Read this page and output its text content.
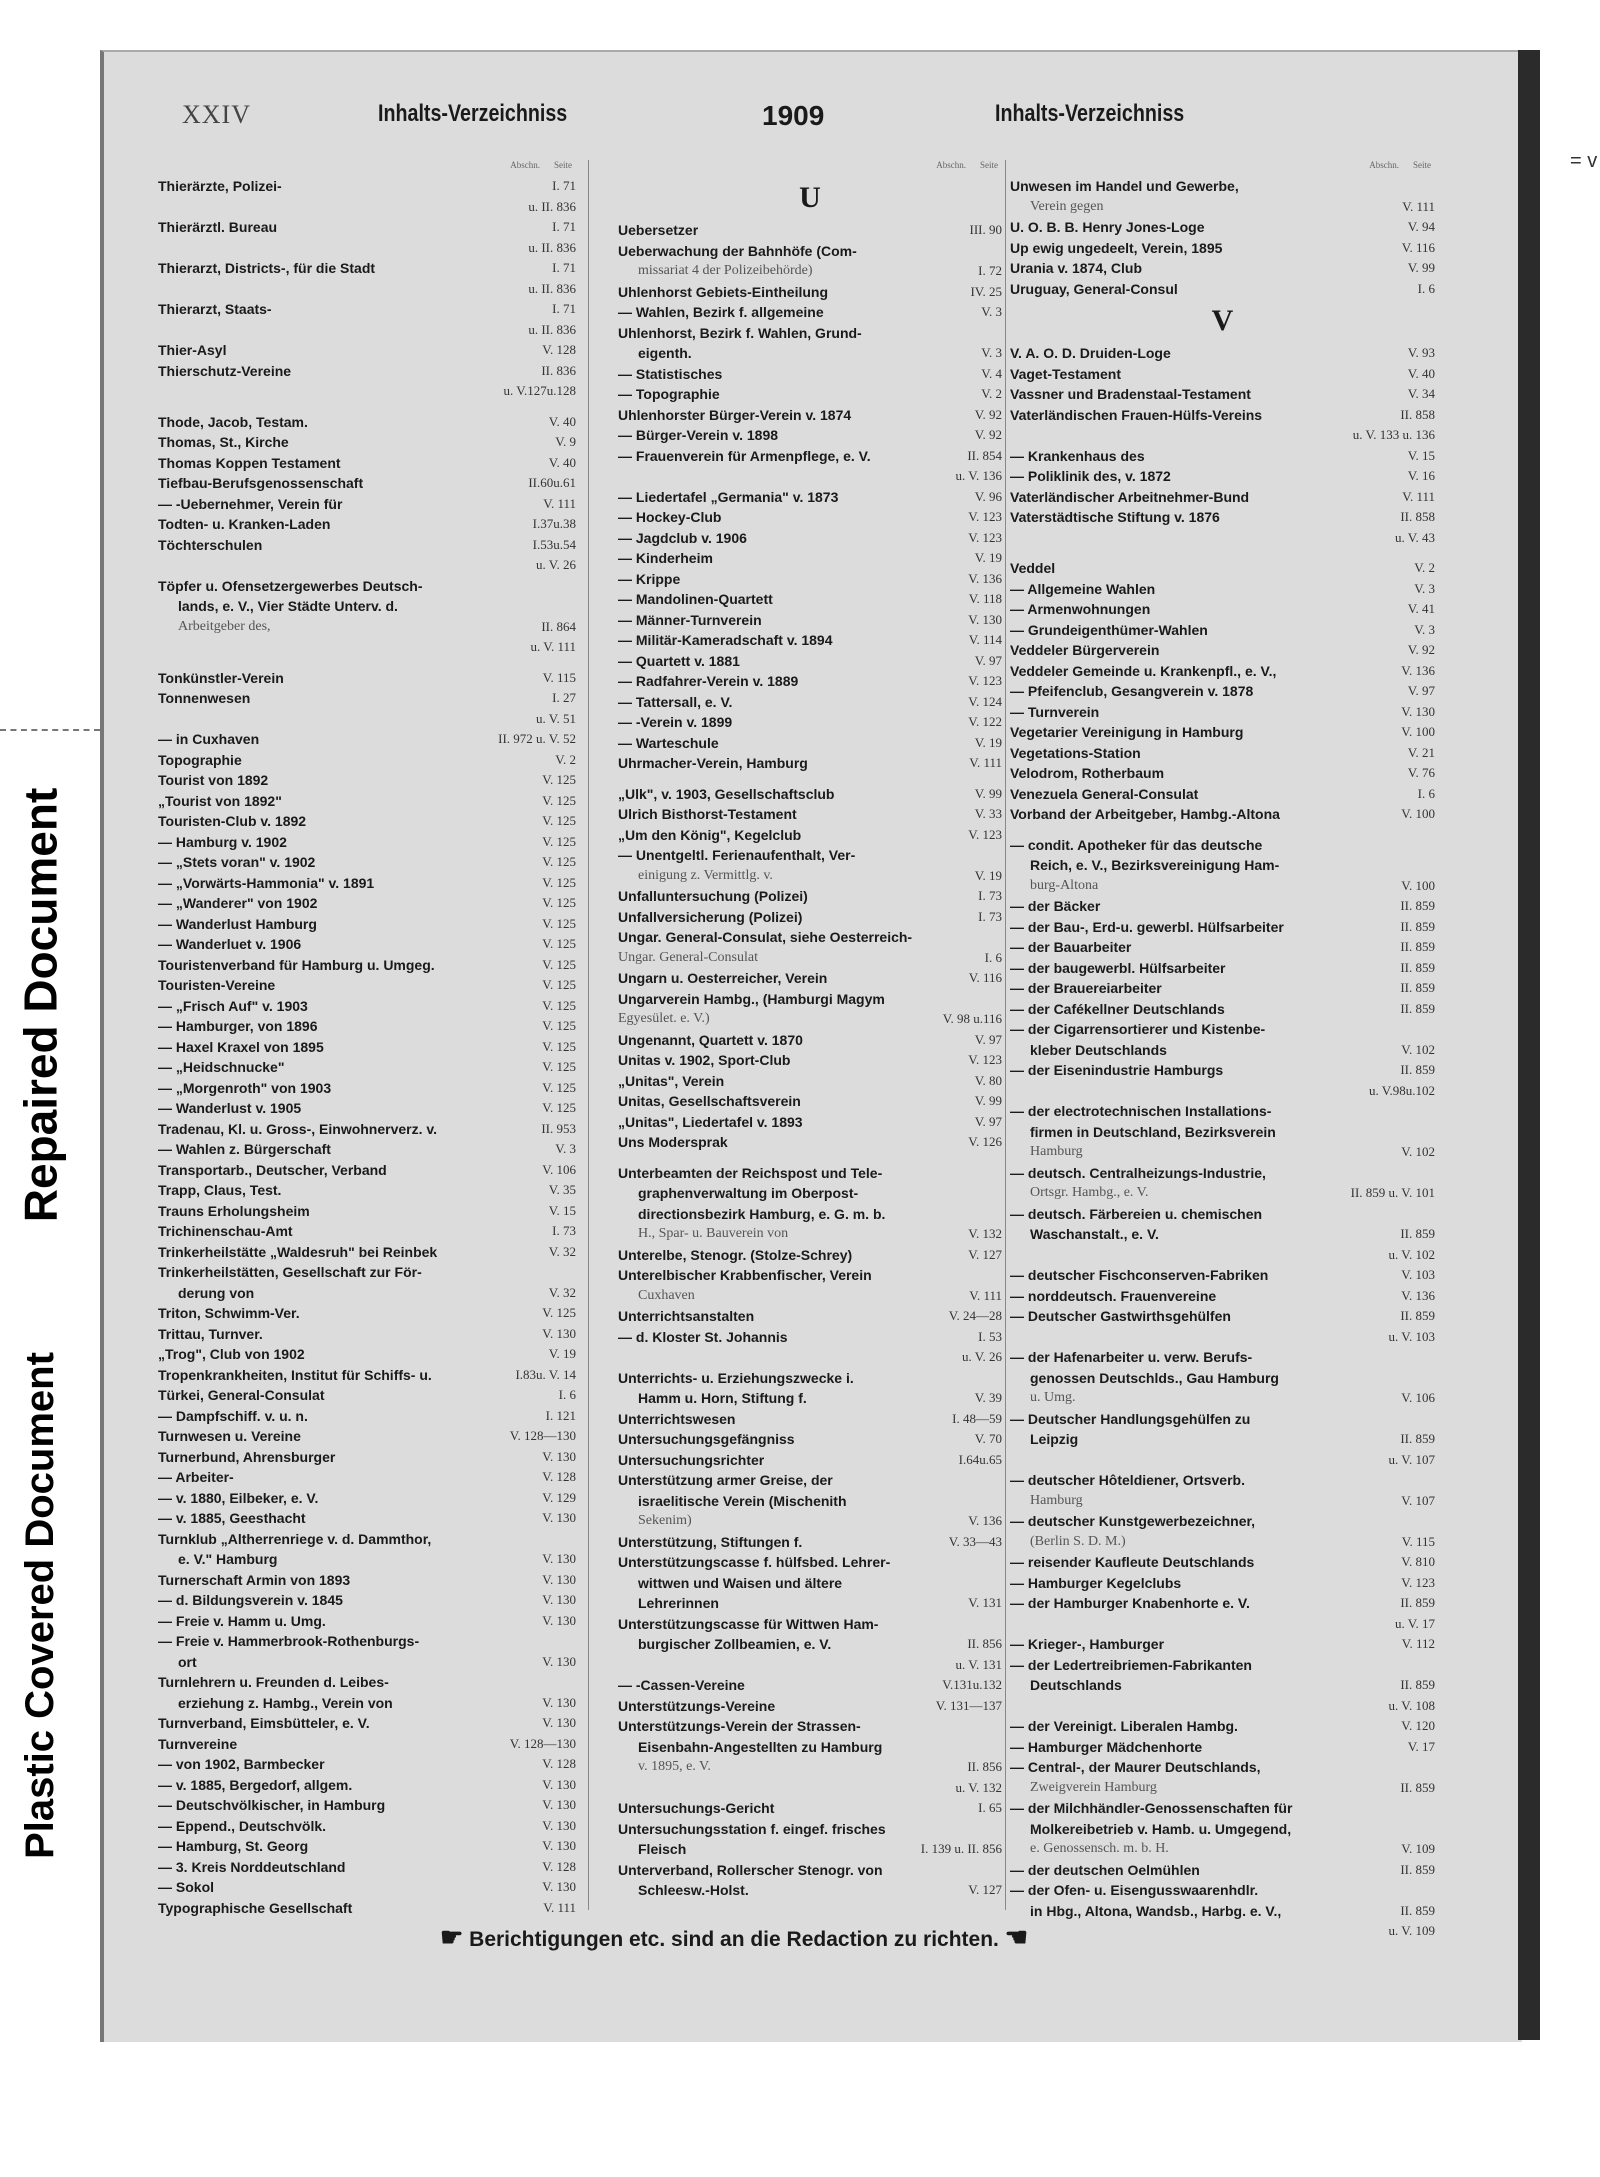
Repaired Document
Plastic Covered Document
= v
XXIV	Inhalts-Verzeichniss	1909	Inhalts-Verzeichniss
Abschn. Seite
Thierärzte, Polizei-	I. 71
u. II. 836
Thierärztl. Bureau	I. 71
u. II. 836
Thierarzt, Districts-, für die Stadt	I. 71
u. II. 836
Thierarzt, Staats-	I. 71
u. II. 836
Thier-Asyl	V. 128
Thierschutz-Vereine	II. 836
u. V.127u.128
Thode, Jacob, Testam.	V. 40
Thomas, St., Kirche	V. 9
Thomas Koppen Testament	V. 40
Tiefbau-Berufsgenossenschaft	II.60u.61
— -Uebernehmer, Verein für	V. 111
Todten- u. Kranken-Laden	I.37u.38
Töchterschulen	I.53u.54
u. V. 26
Töpfer u. Ofensetzergewerbes Deutsch-
lands, e. V., Vier Städte Unterv. d.
Arbeitgeber des,	II. 864
u. V. 111
Tonkünstler-Verein	V. 115
Tonnenwesen	I. 27
u. V. 51
— in Cuxhaven	II. 972 u. V. 52
Topographie	V. 2
Tourist von 1892	V. 125
„Tourist von 1892"	V. 125
Touristen-Club v. 1892	V. 125
— Hamburg v. 1902	V. 125
— „Stets voran" v. 1902	V. 125
— „Vorwärts-Hammonia" v. 1891	V. 125
— „Wanderer" von 1902	V. 125
— Wanderlust Hamburg	V. 125
— Wanderluet v. 1906	V. 125
Touristenverband für Hamburg u. Umgeg.	V. 125
Touristen-Vereine	V. 125
— „Frisch Auf" v. 1903	V. 125
— Hamburger, von 1896	V. 125
— Haxel Kraxel von 1895	V. 125
— „Heidschnucke"	V. 125
— „Morgenroth" von 1903	V. 125
— Wanderlust v. 1905	V. 125
Tradenau, Kl. u. Gross-, Einwohnerverz. v.	II. 953
— Wahlen z. Bürgerschaft	V. 3
Transportarb., Deutscher, Verband	V. 106
Trapp, Claus, Test.	V. 35
Trauns Erholungsheim	V. 15
Trichinenschau-Amt	I. 73
Trinkerheilstätte „Waldesruh" bei Reinbek	V. 32
Trinkerheilstätten, Gesellschaft zur För-
derung von	V. 32
Triton, Schwimm-Ver.	V. 125
Trittau, Turnver.	V. 130
„Trog", Club von 1902	V. 19
Tropenkrankheiten, Institut für Schiffs- u.	I.83u. V. 14
Türkei, General-Consulat	I. 6
— Dampfschiff. v. u. n.	I. 121
Turnwesen u. Vereine	V. 128—130
Turnerbund, Ahrensburger	V. 130
— Arbeiter-	V. 128
— v. 1880, Eilbeker, e. V.	V. 129
— v. 1885, Geesthacht	V. 130
Turnklub „Altherrenriege v. d. Dammthor,
e. V." Hamburg	V. 130
Turnerschaft Armin von 1893	V. 130
— d. Bildungsverein v. 1845	V. 130
— Freie v. Hamm u. Umg.	V. 130
— Freie v. Hammerbrook-Rothenburgs-
ort	V. 130
Turnlehrern u. Freunden d. Leibes-
erziehung z. Hambg., Verein von	V. 130
Turnverband, Eimsbütteler, e. V.	V. 130
Turnvereine	V. 128—130
— von 1902, Barmbecker	V. 128
— v. 1885, Bergedorf, allgem.	V. 130
— Deutschvölkischer, in Hamburg	V. 130
— Eppend., Deutschvölk.	V. 130
— Hamburg, St. Georg	V. 130
— 3. Kreis Norddeutschland	V. 128
— Sokol	V. 130
Typographische Gesellschaft	V. 111
Abschn. Seite
U
Uebersetzer	III. 90
Ueberwachung der Bahnhöfe (Com-
missariat 4 der Polizeibehörde)	I. 72
Uhlenhorst Gebiets-Eintheilung	IV. 25
— Wahlen, Bezirk f. allgemeine	V. 3
Uhlenhorst, Bezirk f. Wahlen, Grund-
eigenth.	V. 3
— Statistisches	V. 4
— Topographie	V. 2
Uhlenhorster Bürger-Verein v. 1874	V. 92
— Bürger-Verein v. 1898	V. 92
— Frauenverein für Armenpflege, e. V.	II. 854
u. V. 136
— Liedertafel „Germania" v. 1873	V. 96
— Hockey-Club	V. 123
— Jagdclub v. 1906	V. 123
— Kinderheim	V. 19
— Krippe	V. 136
— Mandolinen-Quartett	V. 118
— Männer-Turnverein	V. 130
— Militär-Kameradschaft v. 1894	V. 114
— Quartett v. 1881	V. 97
— Radfahrer-Verein v. 1889	V. 123
— Tattersall, e. V.	V. 124
— -Verein v. 1899	V. 122
— Warteschule	V. 19
Uhrmacher-Verein, Hamburg	V. 111
„Ulk", v. 1903, Gesellschaftsclub	V. 99
Ulrich Bisthorst-Testament	V. 33
„Um den König", Kegelclub	V. 123
— Unentgeltl. Ferienaufenthalt, Ver-
einigung z. Vermittlg. v.	V. 19
Unfalluntersuchung (Polizei)	I. 73
Unfallversicherung (Polizei)	I. 73
Ungar. General-Consulat, siehe Oesterreich-
Ungar. General-Consulat	I. 6
Ungarn u. Oesterreicher, Verein	V. 116
Ungarverein Hambg., (Hamburgi Magym
Egyesület. e. V.)	V. 98 u.116
Ungenannt, Quartett v. 1870	V. 97
Unitas v. 1902, Sport-Club	V. 123
„Unitas", Verein	V. 80
Unitas, Gesellschaftsverein	V. 99
„Unitas", Liedertafel v. 1893	V. 97
Uns Modersprak	V. 126
Unterbeamten der Reichspost und Tele-
graphenverwaltung im Oberpost-
directionsbezirk Hamburg, e. G. m. b.
H., Spar- u. Bauverein von	V. 132
Unterelbe, Stenogr. (Stolze-Schrey)	V. 127
Unterelbischer Krabbenfischer, Verein
Cuxhaven	V. 111
Unterrichtsanstalten	V. 24—28
— d. Kloster St. Johannis	I. 53
u. V. 26
Unterrichts- u. Erziehungszwecke i.
Hamm u. Horn, Stiftung f.	V. 39
Unterrichtswesen	I. 48—59
Untersuchungsgefängniss	V. 70
Untersuchungsrichter	I.64u.65
Unterstützung armer Greise, der
israelitische Verein (Mischenith
Sekenim)	V. 136
Unterstützung, Stiftungen f.	V. 33—43
Unterstützungscasse f. hülfsbed. Lehrer-
wittwen und Waisen und ältere
Lehrerinnen	V. 131
Unterstützungscasse für Wittwen Ham-
burgischer Zollbeamien, e. V.	II. 856
u. V. 131
— -Cassen-Vereine	V.131u.132
Unterstützungs-Vereine	V. 131—137
Unterstützungs-Verein der Strassen-
Eisenbahn-Angestellten zu Hamburg
v. 1895, e. V.	II. 856
u. V. 132
Untersuchungs-Gericht	I. 65
Untersuchungsstation f. eingef. frisches
Fleisch	I. 139 u. II. 856
Unterverband, Rollerscher Stenogr. von
Schleesw.-Holst.	V. 127
Abschn. Seite
Unwesen im Handel und Gewerbe,
Verein gegen	V. 111
U. O. B. B. Henry Jones-Loge	V. 94
Up ewig ungedeelt, Verein, 1895	V. 116
Urania v. 1874, Club	V. 99
Uruguay, General-Consul	I. 6
V
V. A. O. D. Druiden-Loge	V. 93
Vaget-Testament	V. 40
Vassner und Bradenstaal-Testament	V. 34
Vaterländischen Frauen-Hülfs-Vereins	II. 858
u. V. 133 u. 136
— Krankenhaus des	V. 15
— Poliklinik des, v. 1872	V. 16
Vaterländischer Arbeitnehmer-Bund	V. 111
Vaterstädtische Stiftung v. 1876	II. 858
u. V. 43
Veddel	V. 2
— Allgemeine Wahlen	V. 3
— Armenwohnungen	V. 41
— Grundeigenthümer-Wahlen	V. 3
Veddeler Bürgerverein	V. 92
Veddeler Gemeinde u. Krankenpfl., e. V.,	V. 136
— Pfeifenclub, Gesangverein v. 1878	V. 97
— Turnverein	V. 130
Vegetarier Vereinigung in Hamburg	V. 100
Vegetations-Station	V. 21
Velodrom, Rotherbaum	V. 76
Venezuela General-Consulat	I. 6
Vorband der Arbeitgeber, Hambg.-Altona	V. 100
— condit. Apotheker für das deutsche
Reich, e. V., Bezirksvereinigung Ham-
burg-Altona	V. 100
— der Bäcker	II. 859
— der Bau-, Erd-u. gewerbl. Hülfsarbeiter	II. 859
— der Bauarbeiter	II. 859
— der baugewerbl. Hülfsarbeiter	II. 859
— der Brauereiarbeiter	II. 859
— der Cafékellner Deutschlands	II. 859
— der Cigarrensortierer und Kistenbe-
kleber Deutschlands	V. 102
— der Eisenindustrie Hamburgs	II. 859
u. V.98u.102
— der electrotechnischen Installations-
firmen in Deutschland, Bezirksverein
Hamburg	V. 102
— deutsch. Centralheizungs-Industrie,
Ortsgr. Hambg., e. V.	II. 859 u. V. 101
— deutsch. Färbereien u. chemischen
Waschanstalt., e. V.	II. 859
u. V. 102
— deutscher Fischconserven-Fabriken	V. 103
— norddeutsch. Frauenvereine	V. 136
— Deutscher Gastwirthsgehülfen	II. 859
u. V. 103
— der Hafenarbeiter u. verw. Berufs-
genossen Deutschlds., Gau Hamburg
u. Umg.	V. 106
— Deutscher Handlungsgehülfen zu
Leipzig	II. 859
u. V. 107
— deutscher Hôteldiener, Ortsverb.
Hamburg	V. 107
— deutscher Kunstgewerbezeichner,
(Berlin S. D. M.)	V. 115
— reisender Kaufleute Deutschlands	V. 810
— Hamburger Kegelclubs	V. 123
— der Hamburger Knabenhorte e. V.	II. 859
u. V. 17
— Krieger-, Hamburger	V. 112
— der Ledertreibriemen-Fabrikanten
Deutschlands	II. 859
u. V. 108
— der Vereinigt. Liberalen Hambg.	V. 120
— Hamburger Mädchenhorte	V. 17
— Central-, der Maurer Deutschlands,
Zweigverein Hamburg	II. 859
— der Milchhändler-Genossenschaften für
Molkereibetrieb v. Hamb. u. Umgegend,
e. Genossensch. m. b. H.	V. 109
— der deutschen Oelmühlen	II. 859
— der Ofen- u. Eisengusswaarenhdlr.
in Hbg., Altona, Wandsb., Harbg. e. V.,	II. 859
u. V. 109
☛ Berichtigungen etc. sind an die Redaction zu richten. ☚
